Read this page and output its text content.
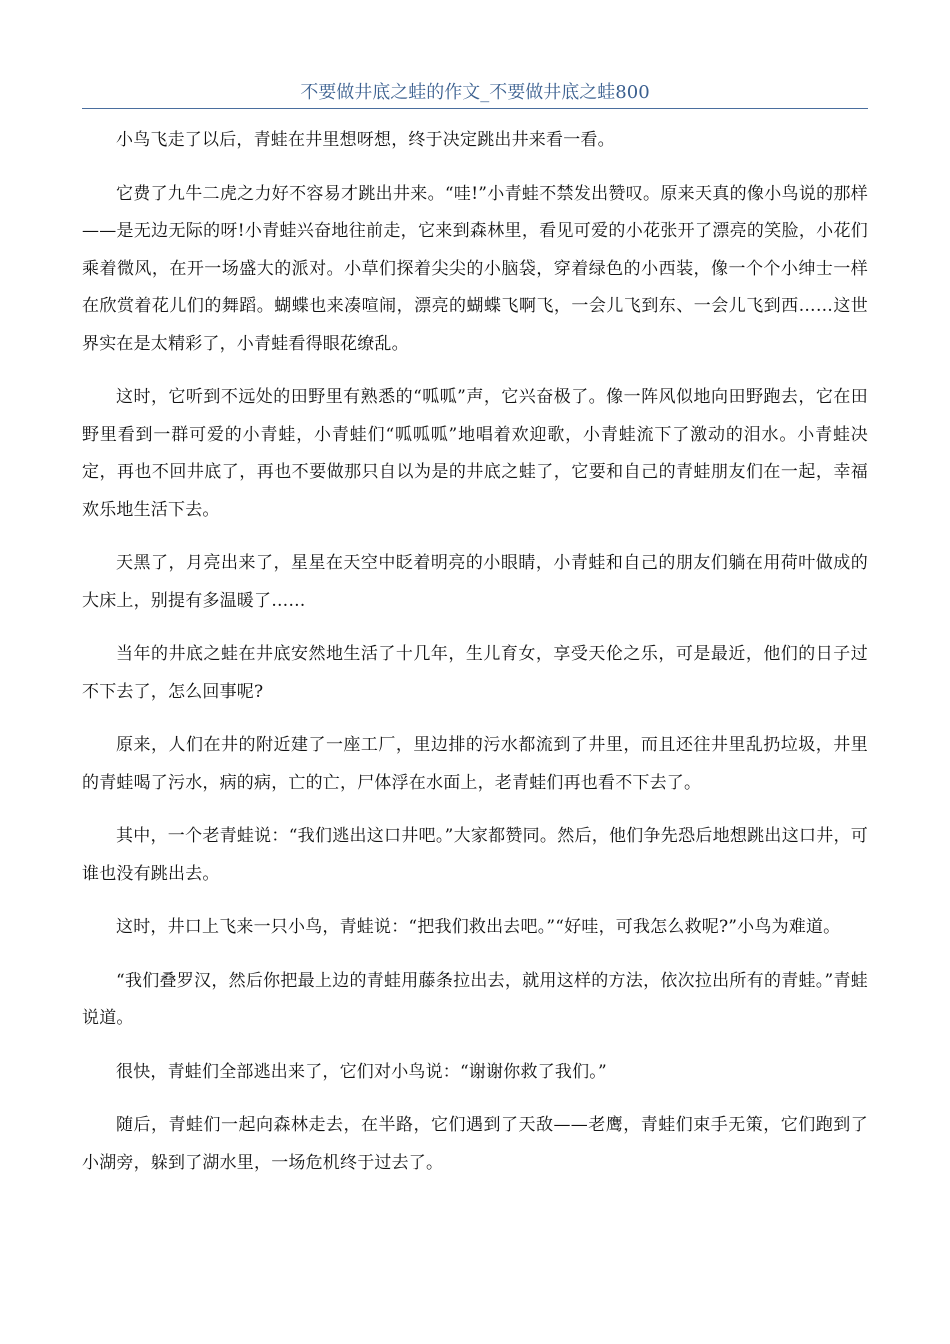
不要做井底之蛙的作文_不要做井底之蛙800

小鸟飞走了以后，青蛙在井里想呀想，终于决定跳出井来看一看。

它费了九牛二虎之力好不容易才跳出井来。“哇!”小青蛙不禁发出赞叹。原来天真的像小鸟说的那样——是无边无际的呀!小青蛙兴奋地往前走，它来到森林里，看见可爱的小花张开了漂亮的笑脸，小花们乘着微风，在开一场盛大的派对。小草们探着尖尖的小脑袋，穿着绿色的小西装，像一个个小绅士一样在欣赏着花儿们的舞蹈。蝴蝶也来凑喧闹，漂亮的蝴蝶飞啊飞，一会儿飞到东、一会儿飞到西……这世界实在是太精彩了，小青蛙看得眼花缭乱。

这时，它听到不远处的田野里有熟悉的“呱呱”声，它兴奋极了。像一阵风似地向田野跑去，它在田野里看到一群可爱的小青蛙，小青蛙们“呱呱呱”地唱着欢迎歌，小青蛙流下了激动的泪水。小青蛙决定，再也不回井底了，再也不要做那只自以为是的井底之蛙了，它要和自己的青蛙朋友们在一起，幸福欢乐地生活下去。

天黑了，月亮出来了，星星在天空中眨着明亮的小眼睛，小青蛙和自己的朋友们躺在用荷叶做成的大床上，别提有多温暖了……

当年的井底之蛙在井底安然地生活了十几年，生儿育女，享受天伦之乐，可是最近，他们的日子过不下去了，怎么回事呢?

原来，人们在井的附近建了一座工厂，里边排的污水都流到了井里，而且还往井里乱扔垃圾，井里的青蛙喝了污水，病的病，亡的亡，尸体浮在水面上，老青蛙们再也看不下去了。

其中，一个老青蛙说：“我们逃出这口井吧。”大家都赞同。然后，他们争先恐后地想跳出这口井，可谁也没有跳出去。

这时，井口上飞来一只小鸟，青蛙说：“把我们救出去吧。”“好哇，可我怎么救呢?”小鸟为难道。

“我们叠罗汉，然后你把最上边的青蛙用藤条拉出去，就用这样的方法，依次拉出所有的青蛙。”青蛙说道。

很快，青蛙们全部逃出来了，它们对小鸟说：“谢谢你救了我们。”

随后，青蛙们一起向森林走去，在半路，它们遇到了天敌——老鹰，青蛙们束手无策，它们跑到了小湖旁，躲到了湖水里，一场危机终于过去了。
